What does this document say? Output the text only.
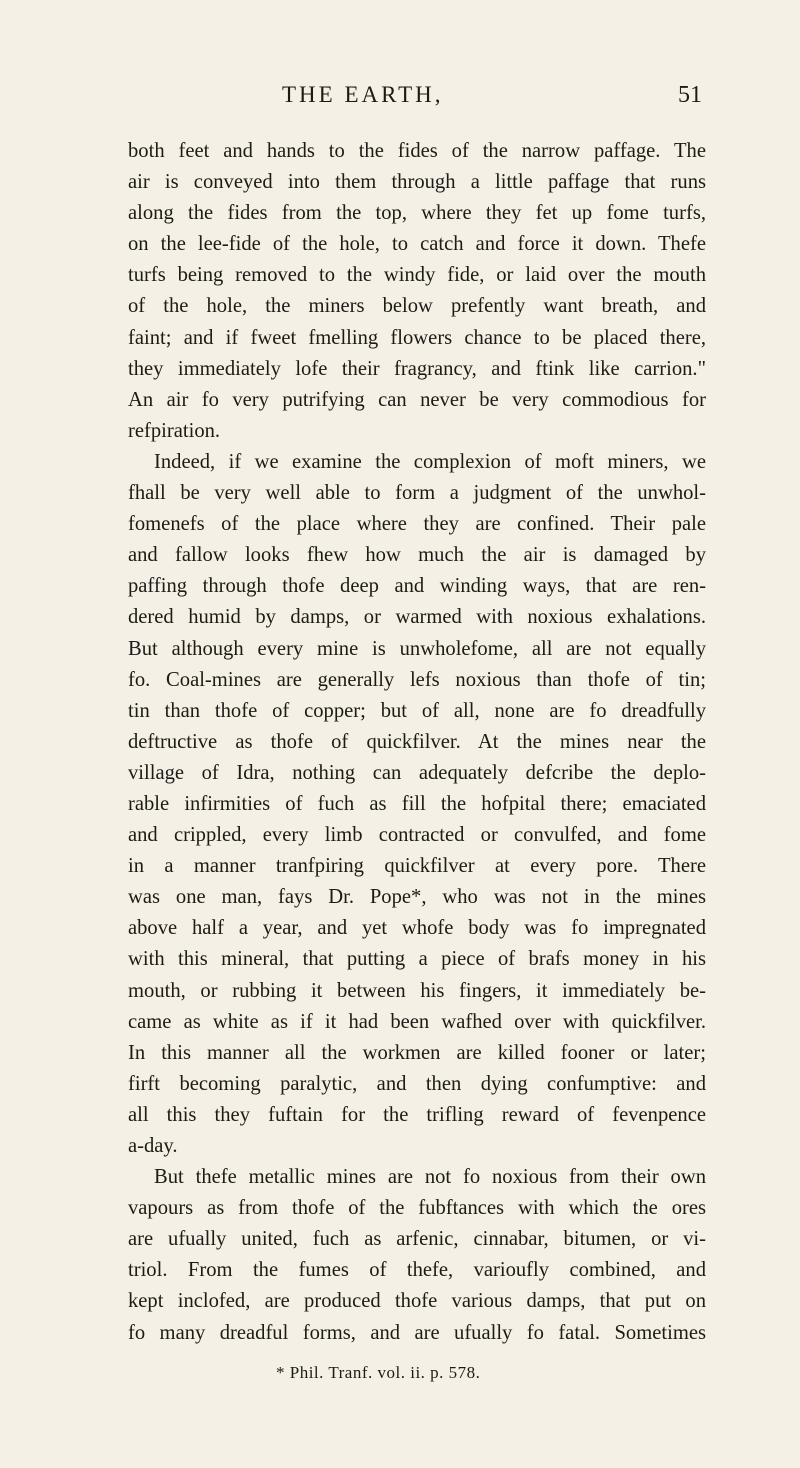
THE EARTH,	51
both feet and hands to the fides of the narrow paffage. The
air is conveyed into them through a little paffage that runs
along the fides from the top, where they fet up fome turfs,
on the lee-fide of the hole, to catch and force it down. Thefe
turfs being removed to the windy fide, or laid over the mouth
of the hole, the miners below prefently want breath, and
faint; and if fweet fmelling flowers chance to be placed there,
they immediately lofe their fragrancy, and ftink like carrion."
An air fo very putrifying can never be very commodious for
refpiration.
Indeed, if we examine the complexion of moft miners, we
fhall be very well able to form a judgment of the unwhol-
fomenefs of the place where they are confined. Their pale
and fallow looks fhew how much the air is damaged by
paffing through thofe deep and winding ways, that are ren-
dered humid by damps, or warmed with noxious exhalations.
But although every mine is unwholefome, all are not equally
fo. Coal-mines are generally lefs noxious than thofe of tin;
tin than thofe of copper; but of all, none are fo dreadfully
deftructive as thofe of quickfilver. At the mines near the
village of Idra, nothing can adequately defcribe the deplo-
rable infirmities of fuch as fill the hofpital there; emaciated
and crippled, every limb contracted or convulfed, and fome
in a manner tranfpiring quickfilver at every pore. There
was one man, fays Dr. Pope*, who was not in the mines
above half a year, and yet whofe body was fo impregnated
with this mineral, that putting a piece of brafs money in his
mouth, or rubbing it between his fingers, it immediately be-
came as white as if it had been wafhed over with quickfilver.
In this manner all the workmen are killed fooner or later;
firft becoming paralytic, and then dying confumptive: and
all this they fuftain for the trifling reward of fevenpence
a-day.
But thefe metallic mines are not fo noxious from their own
vapours as from thofe of the fubftances with which the ores
are ufually united, fuch as arfenic, cinnabar, bitumen, or vi-
triol. From the fumes of thefe, varioufly combined, and
kept inclofed, are produced thofe various damps, that put on
fo many dreadful forms, and are ufually fo fatal. Sometimes
* Phil. Tranf. vol. ii. p. 578.
